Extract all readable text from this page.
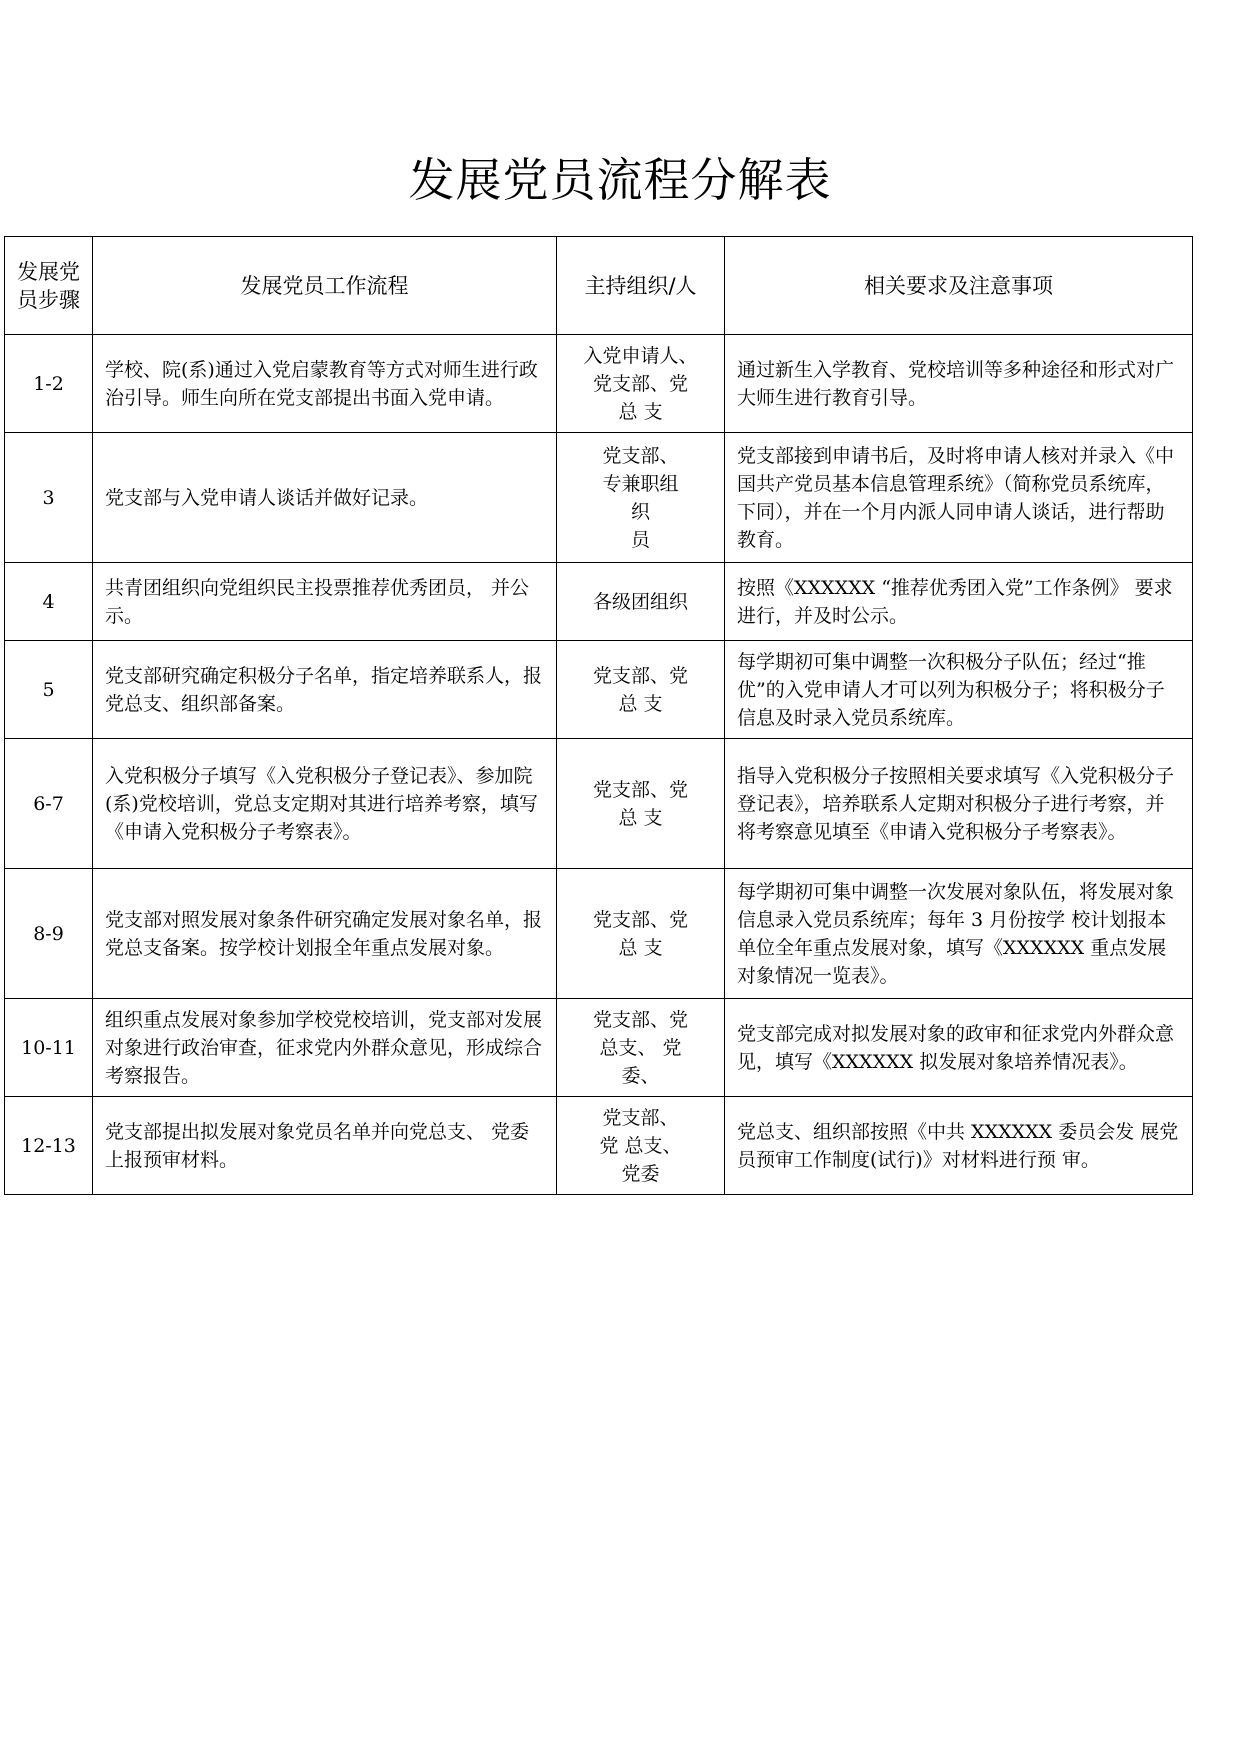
发展党员流程分解表
发展党员步骤	发展党员工作流程	主持组织/人	相关要求及注意事项
1-2	学校、院(系)通过入党启蒙教育等方式对师生进行政治引导。师生向所在党支部提出书面入党申请。	入党申请人、
党支部、党
总 支	通过新生入学教育、党校培训等多种途径和形式对广大师生进行教育引导。
3	党支部与入党申请人谈话并做好记录。	党支部、
专兼职组
织
员	党支部接到申请书后，及时将申请人核对并录入《中国共产党员基本信息管理系统》（简称党员系统库，下同），并在一个月内派人同申请人谈话，进行帮助教育。
4	共青团组织向党组织民主投票推荐优秀团员， 并公示。	各级团组织	按照《XXXXXX “推荐优秀团入党”工作条例》 要求进行，并及时公示。
5	党支部研究确定积极分子名单，指定培养联系人，报党总支、组织部备案。	党支部、党
总 支	每学期初可集中调整一次积极分子队伍；经过“推优”的入党申请人才可以列为积极分子；将积极分子信息及时录入党员系统库。
6-7	入党积极分子填写《入党积极分子登记表》、参加院(系)党校培训，党总支定期对其进行培养考察，填写《申请入党积极分子考察表》。	党支部、党
总 支	指导入党积极分子按照相关要求填写《入党积极分子登记表》，培养联系人定期对积极分子进行考察，并将考察意见填至《申请入党积极分子考察表》。
8-9	党支部对照发展对象条件研究确定发展对象名单，报党总支备案。按学校计划报全年重点发展对象。	党支部、党
总 支	每学期初可集中调整一次发展对象队伍，将发展对象信息录入党员系统库；每年 3 月份按学 校计划报本单位全年重点发展对象，填写《XXXXXX 重点发展对象情况一览表》。
10-11	组织重点发展对象参加学校党校培训，党支部对发展对象进行政治审查，征求党内外群众意见，形成综合考察报告。	党支部、党
总支、 党
委、	党支部完成对拟发展对象的政审和征求党内外群众意见，填写《XXXXXX 拟发展对象培养情况表》。
12-13	党支部提出拟发展对象党员名单并向党总支、 党委上报预审材料。	党支部、
党 总支、
党委	党总支、组织部按照《中共 XXXXXX 委员会发 展党员预审工作制度(试行)》对材料进行预 审。
